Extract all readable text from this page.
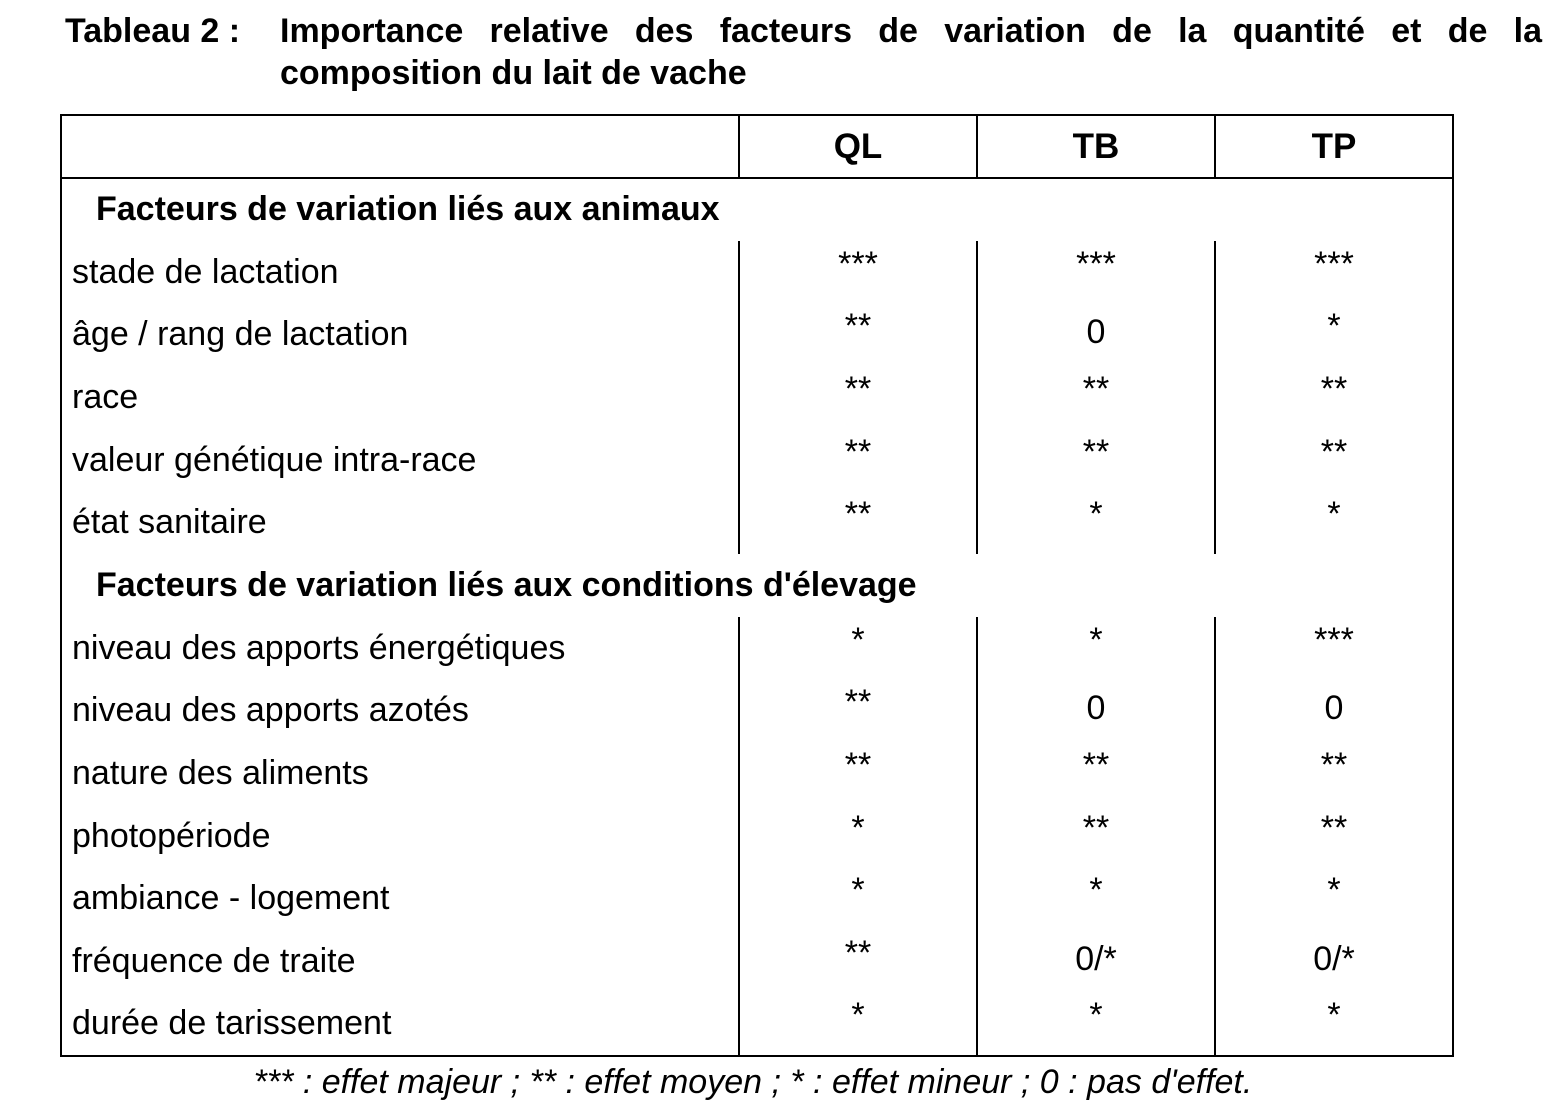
Tableau 2 : Importance relative des facteurs de variation de la quantité et de la composition du lait de vache
	QL	TB	TP
Facteurs de variation liés aux animaux			
stade de lactation	***	***	***
âge / rang de lactation	**	0	*
race	**	**	**
valeur génétique intra-race	**	**	**
état sanitaire	**	*	*
Facteurs de variation liés aux conditions d'élevage			
niveau des apports énergétiques	*	*	***
niveau des apports azotés	**	0	0
nature des aliments	**	**	**
photopériode	*	**	**
ambiance - logement	*	*	*
fréquence de traite	**	0/*	0/*
durée de tarissement	*	*	*
*** : effet majeur ; ** : effet moyen ; * : effet mineur ; 0 : pas d'effet.
